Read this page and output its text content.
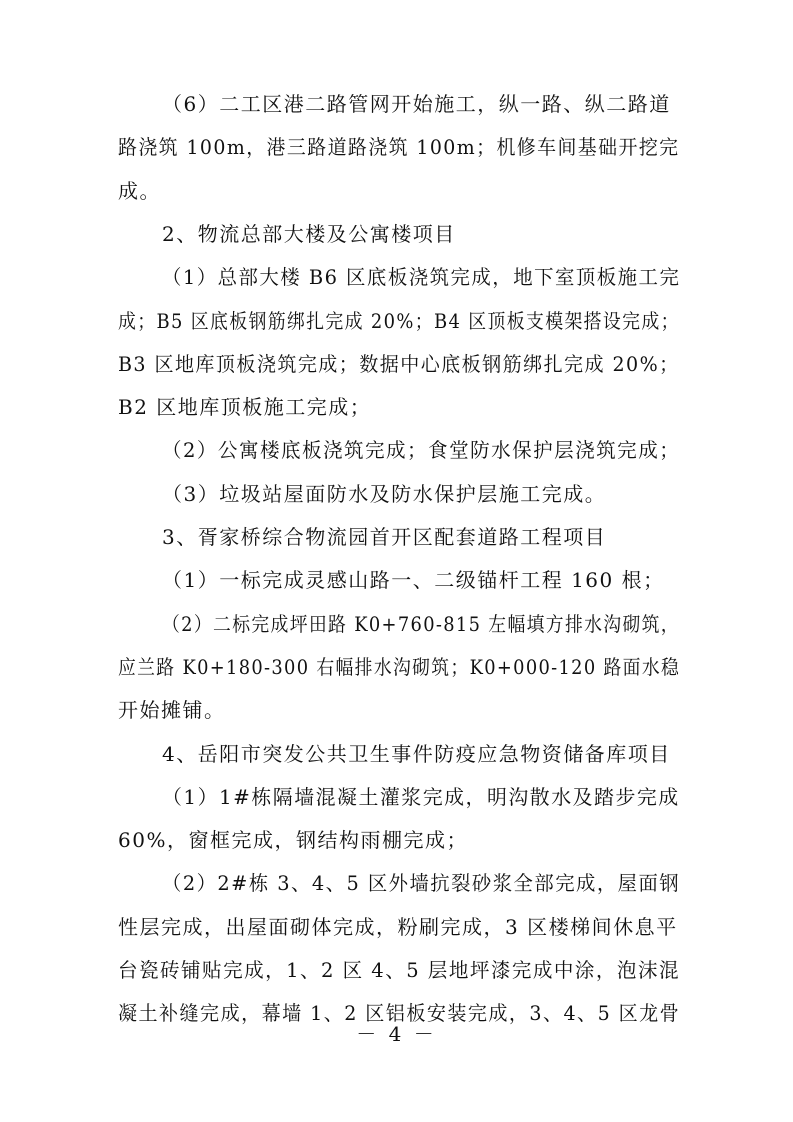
－ 4 －
（6）二工区港二路管网开始施工，纵一路、纵二路道
路浇筑 100m，港三路道路浇筑 100m；机修车间基础开挖完
成。
2、物流总部大楼及公寓楼项目
（1）总部大楼 B6 区底板浇筑完成，地下室顶板施工完
成；B5 区底板钢筋绑扎完成 20%；B4 区顶板支模架搭设完成；
B3 区地库顶板浇筑完成；数据中心底板钢筋绑扎完成 20%；
B2 区地库顶板施工完成；
（2）公寓楼底板浇筑完成；食堂防水保护层浇筑完成；
（3）垃圾站屋面防水及防水保护层施工完成。
3、胥家桥综合物流园首开区配套道路工程项目
（1）一标完成灵感山路一、二级锚杆工程 160 根；
（2）二标完成坪田路 K0+760-815 左幅填方排水沟砌筑，
应兰路 K0+180-300 右幅排水沟砌筑；K0+000-120 路面水稳
开始摊铺。
4、岳阳市突发公共卫生事件防疫应急物资储备库项目
（1）1#栋隔墙混凝土灌浆完成，明沟散水及踏步完成
60%，窗框完成，钢结构雨棚完成；
（2）2#栋 3、4、5 区外墙抗裂砂浆全部完成，屋面钢
性层完成，出屋面砌体完成，粉刷完成，3 区楼梯间休息平
台瓷砖铺贴完成，1、2 区 4、5 层地坪漆完成中涂，泡沫混
凝土补缝完成，幕墙 1、2 区铝板安装完成，3、4、5 区龙骨
